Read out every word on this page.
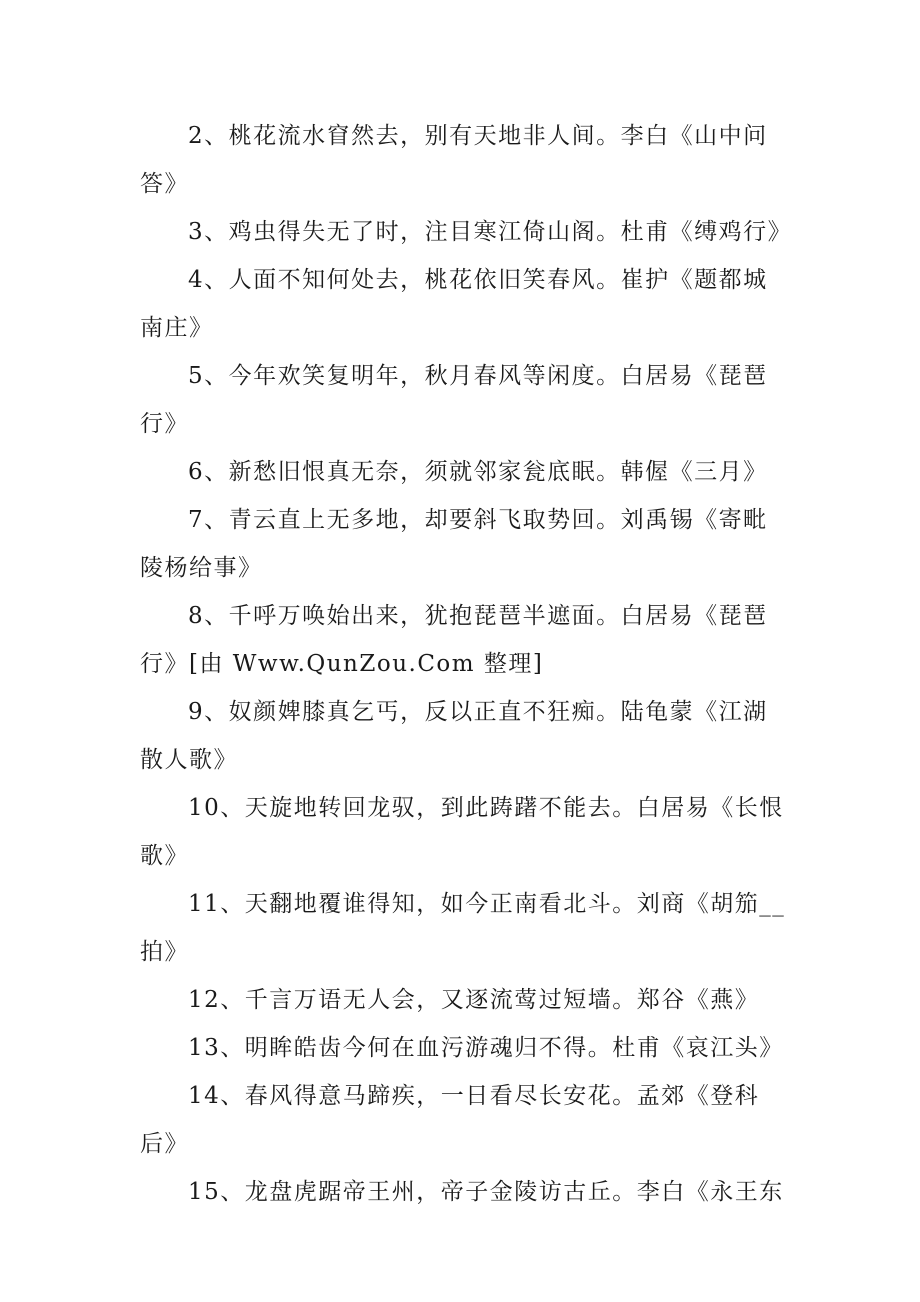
2、桃花流水窅然去，别有天地非人间。李白《山中问答》

3、鸡虫得失无了时，注目寒江倚山阁。杜甫《缚鸡行》

4、人面不知何处去，桃花依旧笑春风。崔护《题都城南庄》

5、今年欢笑复明年，秋月春风等闲度。白居易《琵琶行》

6、新愁旧恨真无奈，须就邻家瓮底眠。韩偓《三月》

7、青云直上无多地，却要斜飞取势回。刘禹锡《寄毗陵杨给事》

8、千呼万唤始出来，犹抱琵琶半遮面。白居易《琵琶行》[由 Www.QunZou.Com 整理]

9、奴颜婢膝真乞丐，反以正直不狂痴。陆龟蒙《江湖散人歌》

10、天旋地转回龙驭，到此踌躇不能去。白居易《长恨歌》

11、天翻地覆谁得知，如今正南看北斗。刘商《胡笳__拍》

12、千言万语无人会，又逐流莺过短墙。郑谷《燕》

13、明眸皓齿今何在血污游魂归不得。杜甫《哀江头》

14、春风得意马蹄疾，一日看尽长安花。孟郊《登科后》

15、龙盘虎踞帝王州，帝子金陵访古丘。李白《永王东
